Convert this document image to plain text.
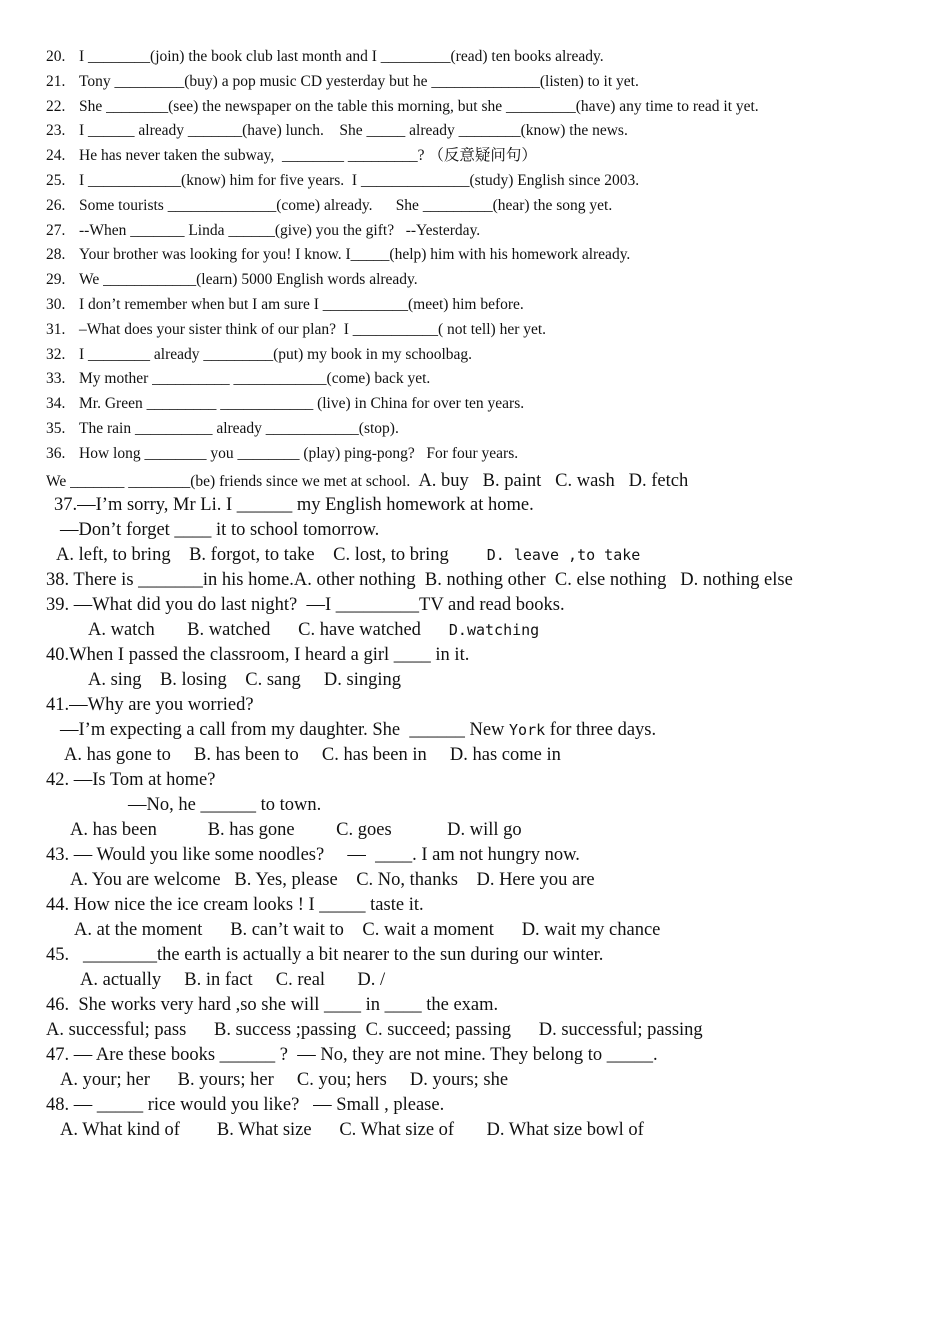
20. I ________(join) the book club last month and I _________(read) ten books already.
21. Tony _________(buy) a pop music CD yesterday but he ______________(listen) to it yet.
22. She ________(see) the newspaper on the table this morning, but she _________(have) any time to read it yet.
23. I ______ already _______(have) lunch.    She _____ already ________(know) the news.
24. He has never taken the subway,  ________ _________? （反意疑问句）
25. I ____________(know) him for five years.  I ______________(study) English since 2003.
26. Some tourists ______________(come) already.      She _________(hear) the song yet.
27. --When _______ Linda ______(give) you the gift?   --Yesterday.
28. Your brother was looking for you! I know. I_____(help) him with his homework already.
29. We ____________(learn) 5000 English words already.
30. I don’t remember when but I am sure I ___________(meet) him before.
31. –What does your sister think of our plan?  I ___________( not tell) her yet.
32. I ________ already _________(put) my book in my schoolbag.
33. My mother __________ ____________(come) back yet.
34. Mr. Green _________ ____________ (live) in China for over ten years.
35. The rain __________ already ____________(stop).
36. How long ________ you ________ (play) ping-pong?   For four years.
We _______ ________(be) friends since we met at school.  A. buy   B. paint   C. wash   D. fetch
37.—I’m sorry, Mr Li. I ______ my English homework at home.
—Don’t forget ____ it to school tomorrow.
A. left, to bring    B. forgot, to take    C. lost, to bring	D. leave ,to take
38. There is _______in his home.A. other nothing  B. nothing other  C. else nothing   D. nothing else
39. —What did you do last night?  —I _________TV and read books.
A. watch       B. watched      C. have watched D.watching
40.When I passed the classroom, I heard a girl ____ in it.
A. sing    B. losing    C. sang     D. singing
41.—Why are you worried?
—I’m expecting a call from my daughter. She  ______ New York for three days.
A. has gone to     B. has been to     C. has been in     D. has come in
42. —Is Tom at home?
—No, he ______ to town.
A. has been           B. has gone         C. goes            D. will go
43. — Would you like some noodles?     —  ____. I am not hungry now.
A. You are welcome   B. Yes, please    C. No, thanks    D. Here you are
44. How nice the ice cream looks ! I _____ taste it.
A. at the moment      B. can’t wait to    C. wait a moment      D. wait my chance
45.   ________the earth is actually a bit nearer to the sun during our winter.
A. actually     B. in fact     C. real       D. /
46.  She works very hard ,so she will ____ in ____ the exam.
A. successful; pass      B. success ;passing  C. succeed; passing      D. successful; passing
47. — Are these books ______ ?  — No, they are not mine. They belong to _____.
A. your; her      B. yours; her     C. you; hers     D. yours; she
48. — _____ rice would you like?   — Small , please.
A. What kind of        B. What size      C. What size of       D. What size bowl of
